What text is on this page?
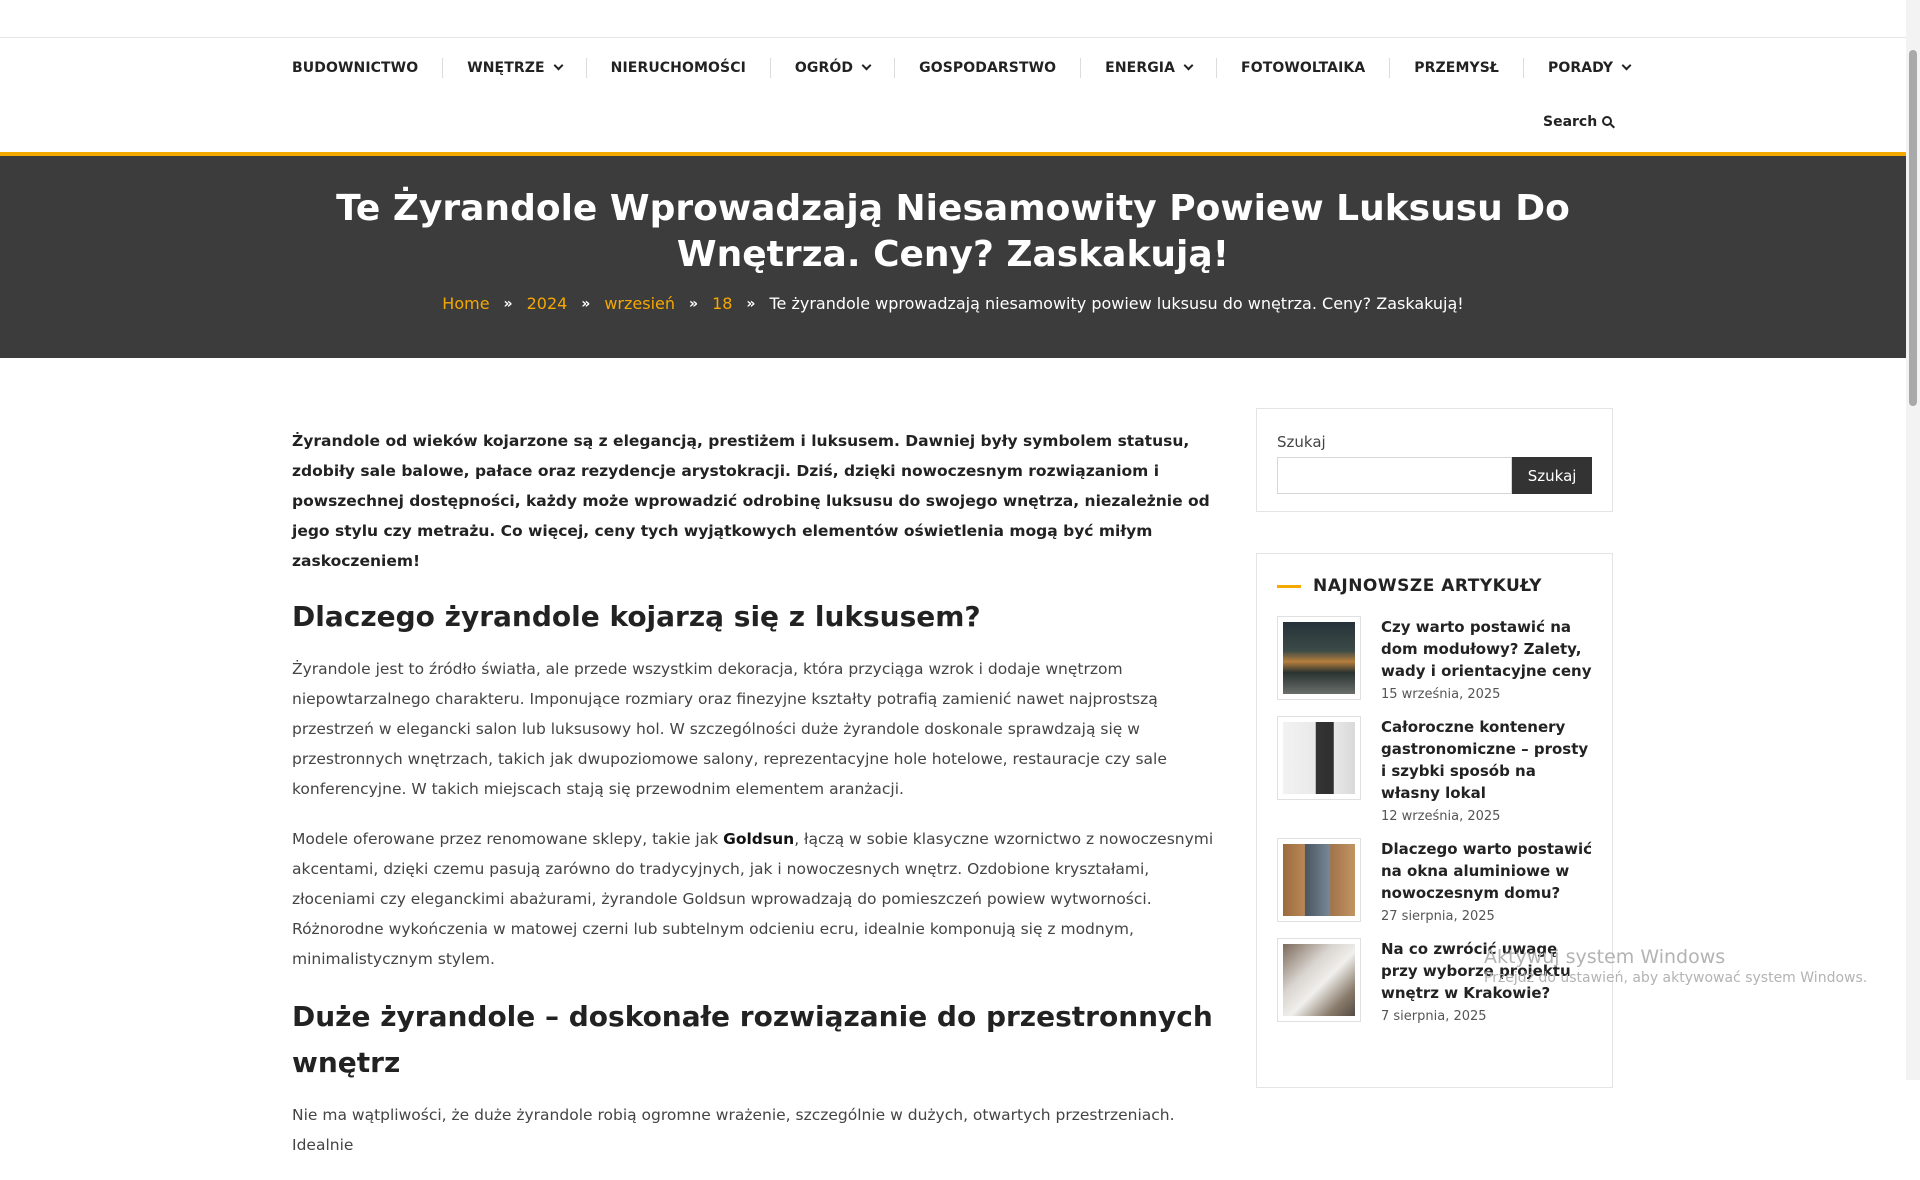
BUDOWNICTWO	WNĘTRZE	NIERUCHOMOŚCI	OGRÓD	GOSPODARSTWO	ENERGIA	FOTOWOLTAIKA	PRZEMYSŁ	PORADY
Search
Te Żyrandole Wprowadzają Niesamowity Powiew Luksusu Do Wnętrza. Ceny? Zaskakują!
Home » 2024 » wrzesień » 18 » Te żyrandole wprowadzają niesamowity powiew luksusu do wnętrza. Ceny? Zaskakują!

Żyrandole od wieków kojarzone są z elegancją, prestiżem i luksusem. Dawniej były symbolem statusu, zdobiły sale balowe, pałace oraz rezydencje arystokracji. Dziś, dzięki nowoczesnym rozwiązaniom i powszechnej dostępności, każdy może wprowadzić odrobinę luksusu do swojego wnętrza, niezależnie od jego stylu czy metrażu. Co więcej, ceny tych wyjątkowych elementów oświetlenia mogą być miłym zaskoczeniem!

Dlaczego żyrandole kojarzą się z luksusem?

Żyrandole jest to źródło światła, ale przede wszystkim dekoracja, która przyciąga wzrok i dodaje wnętrzom niepowtarzalnego charakteru. Imponujące rozmiary oraz finezyjne kształty potrafią zamienić nawet najprostszą przestrzeń w elegancki salon lub luksusowy hol. W szczególności duże żyrandole doskonale sprawdzają się w przestronnych wnętrzach, takich jak dwupoziomowe salony, reprezentacyjne hole hotelowe, restauracje czy sale konferencyjne. W takich miejscach stają się przewodnim elementem aranżacji.

Modele oferowane przez renomowane sklepy, takie jak Goldsun, łączą w sobie klasyczne wzornictwo z nowoczesnymi akcentami, dzięki czemu pasują zarówno do tradycyjnych, jak i nowoczesnych wnętrz. Ozdobione kryształami, złoceniami czy eleganckimi abażurami, żyrandole Goldsun wprowadzają do pomieszczeń powiew wytworności. Różnorodne wykończenia w matowej czerni lub subtelnym odcieniu ecru, idealnie komponują się z modnym, minimalistycznym stylem.

Duże żyrandole – doskonałe rozwiązanie do przestronnych wnętrz

Nie ma wątpliwości, że duże żyrandole robią ogromne wrażenie, szczególnie w dużych, otwartych przestrzeniach. Idealnie

Szukaj
Szukaj
NAJNOWSZE ARTYKUŁY
Czy warto postawić na dom modułowy? Zalety, wady i orientacyjne ceny
15 września, 2025
Całoroczne kontenery gastronomiczne – prosty i szybki sposób na własny lokal
12 września, 2025
Dlaczego warto postawić na okna aluminiowe w nowoczesnym domu?
27 sierpnia, 2025
Na co zwrócić uwagę przy wyborze projektu wnętrz w Krakowie?
7 sierpnia, 2025
Aktywuj system Windows
Przejdź do ustawień, aby aktywować system Windows.
